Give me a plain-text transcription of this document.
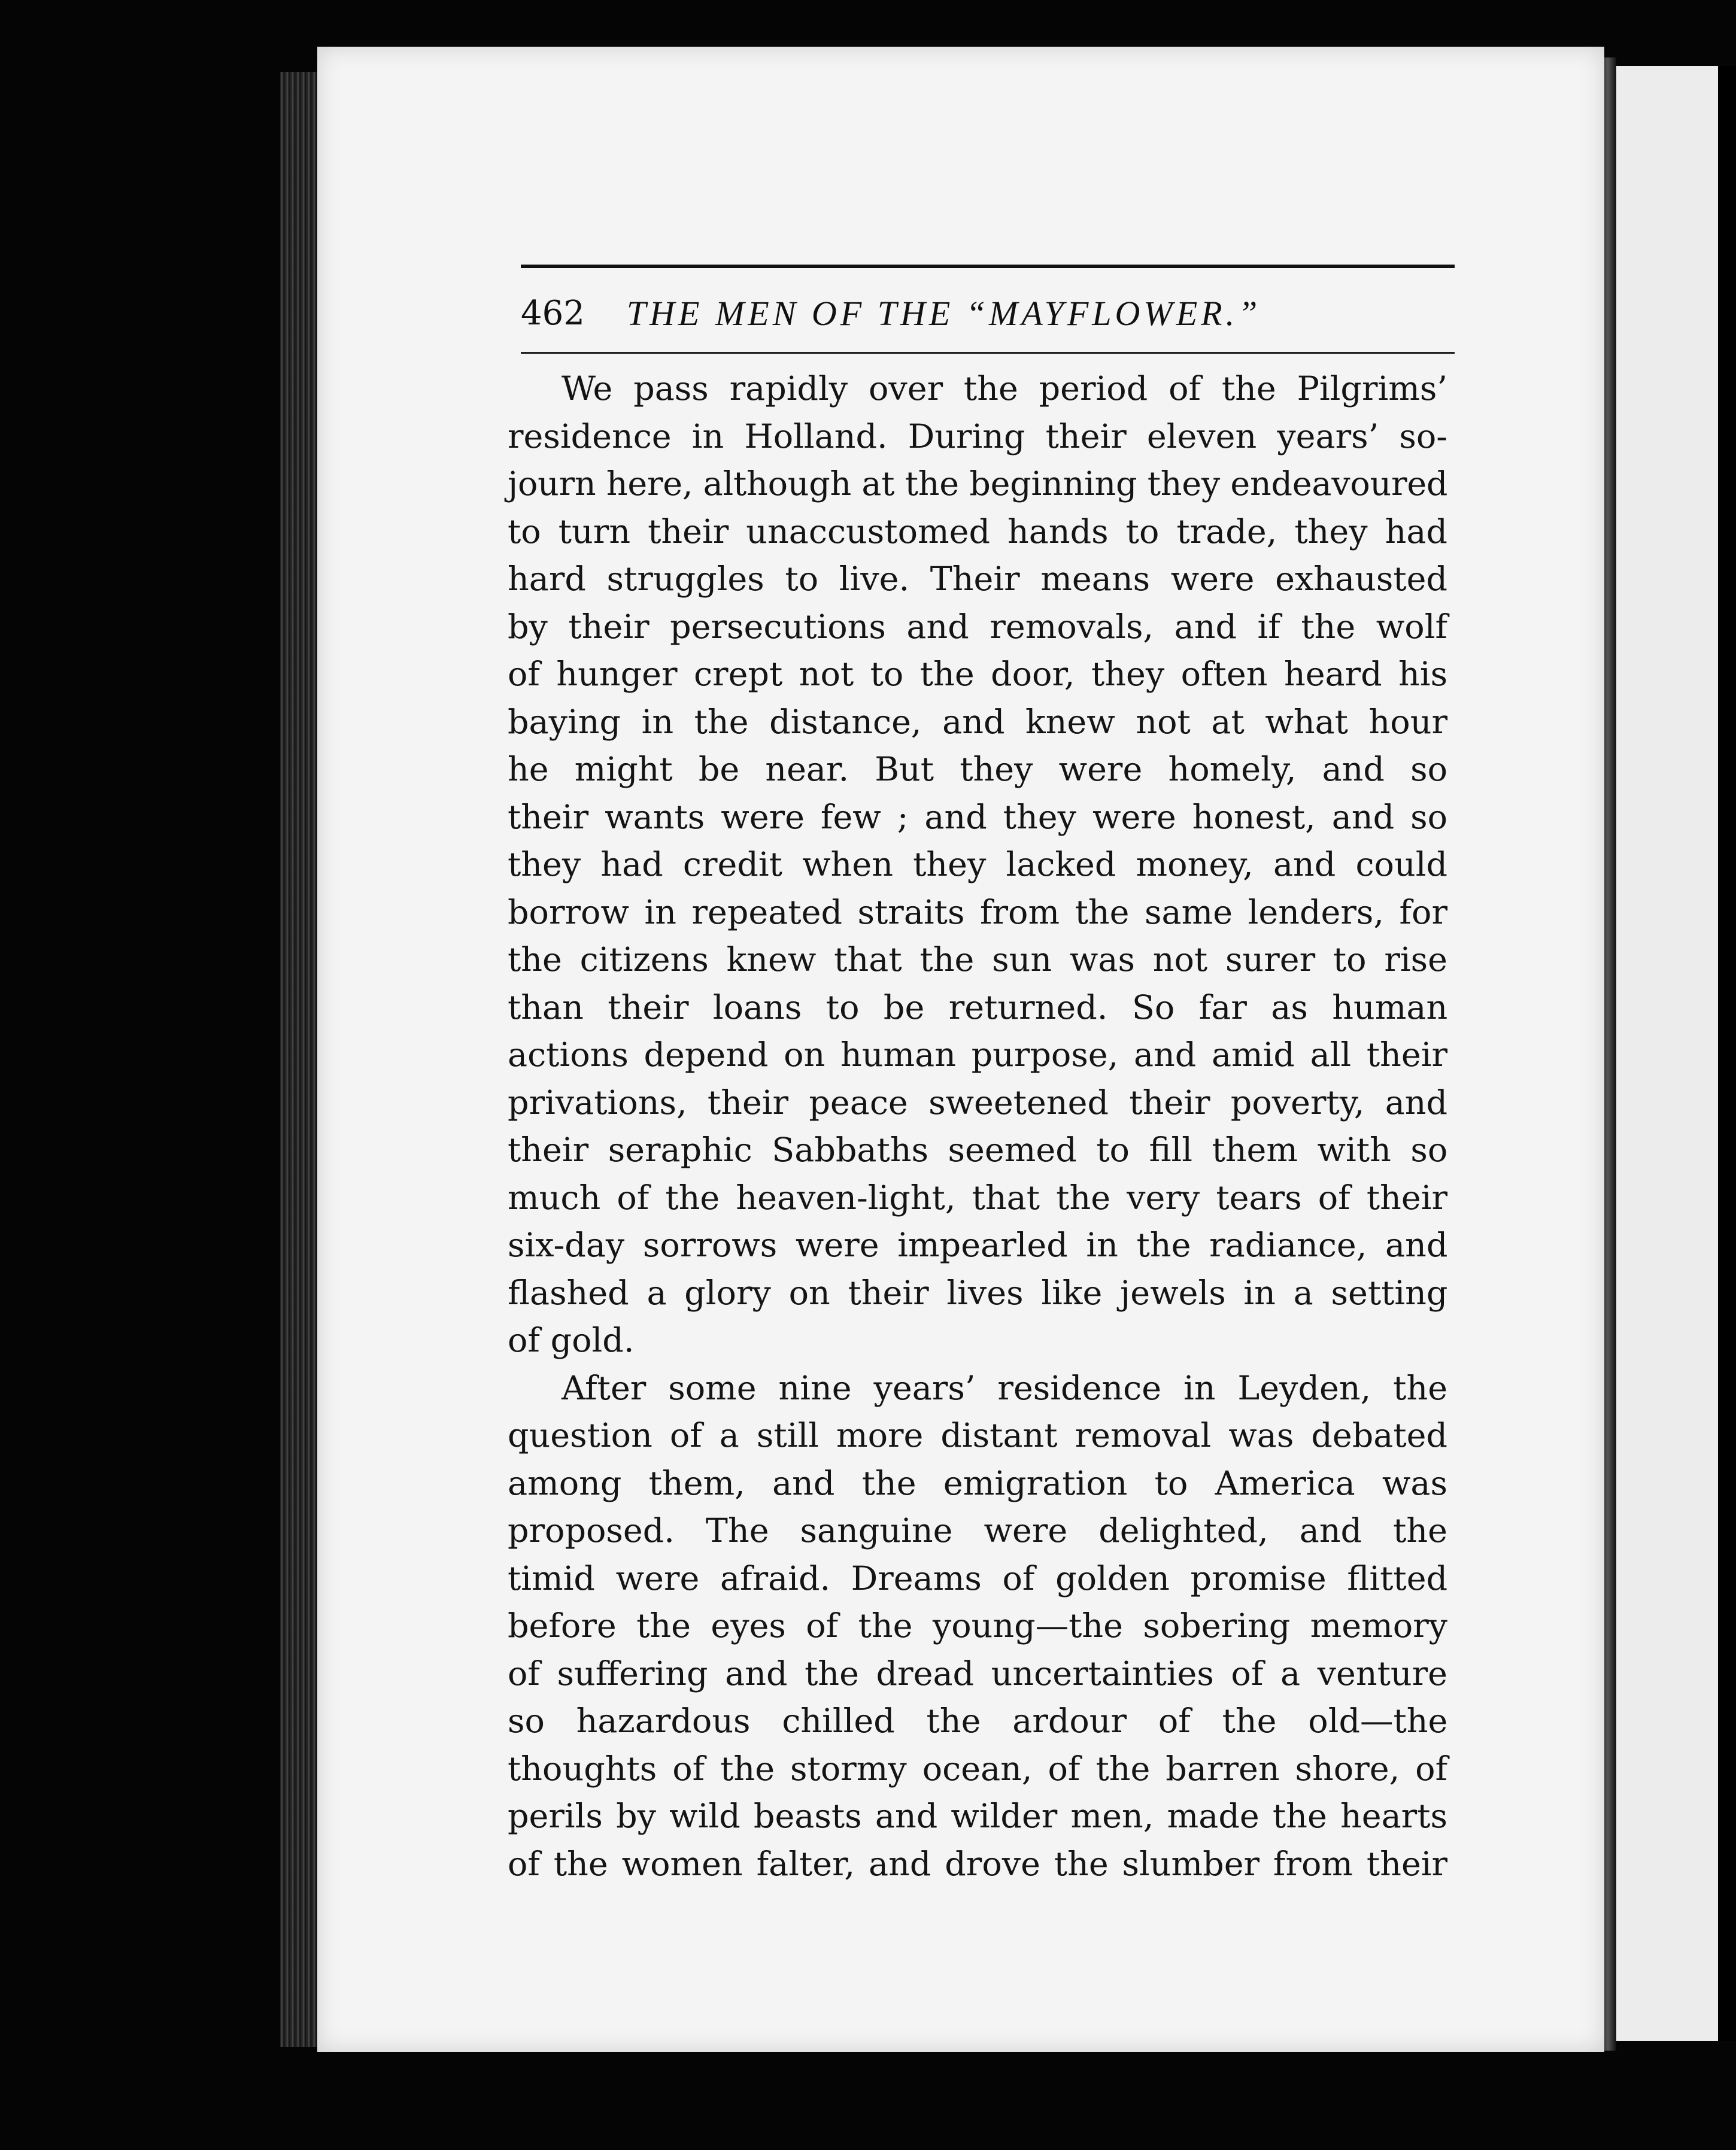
462 THE MEN OF THE “MAYFLOWER.”

We pass rapidly over the period of the Pilgrims’
residence in Holland. During their eleven years’ so-
journ here, although at the beginning they endeavoured
to turn their unaccustomed hands to trade, they had
hard struggles to live. Their means were exhausted
by their persecutions and removals, and if the wolf
of hunger crept not to the door, they often heard his
baying in the distance, and knew not at what hour
he might be near. But they were homely, and so
their wants were few ; and they were honest, and so
they had credit when they lacked money, and could
borrow in repeated straits from the same lenders, for
the citizens knew that the sun was not surer to rise
than their loans to be returned. So far as human
actions depend on human purpose, and amid all their
privations, their peace sweetened their poverty, and
their seraphic Sabbaths seemed to fill them with so
much of the heaven-light, that the very tears of their
six-day sorrows were impearled in the radiance, and
flashed a glory on their lives like jewels in a setting
of gold.

After some nine years’ residence in Leyden, the
question of a still more distant removal was debated
among them, and the emigration to America was
proposed. The sanguine were delighted, and the
timid were afraid. Dreams of golden promise flitted
before the eyes of the young—the sobering memory
of suffering and the dread uncertainties of a venture
so hazardous chilled the ardour of the old—the
thoughts of the stormy ocean, of the barren shore, of
perils by wild beasts and wilder men, made the hearts
of the women falter, and drove the slumber from their
